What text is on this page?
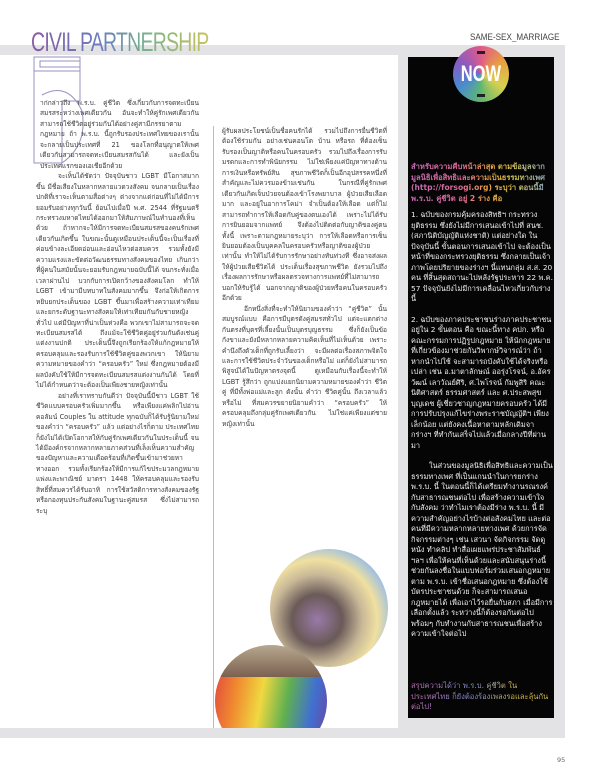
CIVIL PARTNERSHIP	SAME-SEX_MARRIAGE

าก่กล่าวถึง พ.ร.บ. คู่ชีวิต ซึ่งเกี่ยวกับการจดทะเบียนสมรสระหว่างเพศเดียวกัน อันจะทำให้คู่รักเพศเดียวกันสามารถใช้ชีวิตอยู่ร่วมกันได้อย่างคู่สามีภรรยาตามกฎหมาย ถ้า พ.ร.บ. นี้ถูกรับรองประเทศไทยของเรานั้นจะกลายเป็นประเทศที่ 21 ของโลกที่อนุญาตให้เพศเดียวกันสามารถจดทะเบียนสมรสกันได้ และยังเป็นประเทศแรกของเอเชียอีกด้วย

จะเห็นได้ชัดว่า ปัจจุบันชาว LGBT มีโอกาสมากขึ้น มีชื่อเสียงในหลากหลายแวดวงสังคม จนกลายเป็นเรื่องปกติที่เราจะเห็นตามสื่อต่างๆ ต่างจากแต่ก่อนที่ไม่ได้มีการยอมรับอย่างทุกวันนี้ ย้อนไปเมื่อปี พ.ศ. 2544 ที่รัฐมนตรีกระทรวงมหาดไทยได้ออกมาให้สัมภาษณ์ในทำนองที่เห็นด้วย ถ้าหากจะให้มีการจดทะเบียนสมรสของคนรักเพศเดียวกันเกิดขึ้น ในขณะนั้นดูเหมือนประเด็นนี้จะเป็นเรื่องที่ค่อนข้างละเอียดอ่อนและอ่อนไหวต่อสมควร รวมทั้งยังมีความแรงและขัดต่อวัฒนธรรมทางสังคมของไทย เกินกว่าที่ผู้คนในสมัยนั้นจะยอมรับกฎหมายฉบับนี้ได้ จนกระทั่งเมื่อเวลาผ่านไป บวกกับการเปิดกว้างของสังคมโลก ทำให้ LGBT เข้ามามีบทบาทในสังคมมากขึ้น จึงก่อให้เกิดการหยิบยกประเด็นของ LGBT ขึ้นมาเพื่อสร้างความเท่าเทียม และยกระดับฐานะทางสังคมให้เท่าเทียมกันกับชายหญิงทั่วไป แต่มีปัญหาที่น่าเป็นห่วงคือ พวกเขาไม่สามารถจะจดทะเบียนสมรสได้ ถึงแม้จะใช้ชีวิตคู่อยู่ร่วมกันดังเช่นคู่แต่งงานปกติ ประเด็นนี้จึงถูกเรียกร้องให้แก้กฎหมายให้ครอบคลุมและรองรับการใช้ชีวิตคู่ของพวกเขา ให้นิยามความหมายของคำว่า “ครอบครัว” ใหม่ ซึ่งกฎหมายต้องมีผลบังคับใช้ให้มีการจดทะเบียนสมรสแต่งงานกันได้ โดยที่ไม่ได้กำหนดว่าจะต้องเป็นเพียงชายหญิงเท่านั้น

อย่างที่เราทราบกันดีว่า ปัจจุบันนี้มีชาว LGBT ใช้ชีวิตแบบครอบครัวเพิ่มมากขึ้น หรือเพียงแค่พลิกไปอ่านคอลัมน์ Couples ใน attitude ทุกฉบับก็ได้รับรู้นิยามใหม่ของคำว่า “ครอบครัว” แล้ว แต่อย่างไรก็ตาม ประเทศไทยก็ยังไม่ได้เปิดโอกาสให้กับคู่รักเพศเดียวกันในประเด็นนี้ จนได้มีองค์กรจากหลากหลายภาคส่วนที่เล็งเห็นความสำคัญของปัญหาและความเดือดร้อนที่เกิดขึ้นเข้ามาช่วยหาทางออก รวมทั้งเรียกร้องให้มีการแก้ไขประมวลกฎหมายแพ่งและพาณิชย์ มาตรา 1448 ให้ครอบคลุมและรองรับสิทธิ์ที่สมควรได้รับอาทิ การใช้สวัสดิการทางสังคมของรัฐหรือกองทุนประกันสังคมในฐานะคู่สมรส ซึ่งไม่สามารถระบุ

ผู้รับผลประโยชน์เป็นชื่อคนรักได้ รวมไปถึงการยื่นชีวิตที่ต้องใช้ร่วมกัน อย่างเช่นคอนโด บ้าน หรือรถ ที่ต้องเซ็นรับรองเป็นญาติหรือคนในครอบครัว รวมไปถึงเรื่องการรับมรดกและการทำพินัยกรรม ไม่ใช่เพียงแค่ปัญหาทางด้านการเงินหรือทรัพย์สิน สุขภาพชีวิตก็เป็นอีกอุปสรรคหนึ่งที่สำคัญและไม่ควรมองข้ามเช่นกัน ในกรณีที่คู่รักเพศเดียวกันเกิดเจ็บป่วยจนต้องเข้าโรงพยาบาล ผู้ป่วยเสียเลือดมาก และอยู่ในอาการโคม่า จำเป็นต้องให้เลือด แต่ก็ไม่สามารถทำการให้เลือดกับคู่ของตนเองได้ เพราะไม่ได้รับการยินยอมจากแพทย์ จึงต้องไปติดต่อกับญาติของคู่ตน ทั้งนี้ เพราะตามกฎหมายระบุว่า การให้เลือดหรือการเซ็นยินยอมต้องเป็นบุคคลในครอบครัวหรือญาติของผู้ป่วยเท่านั้น ทำให้ไม่ได้รับการรักษาอย่างทันท่วงที ซึ่งอาจส่งผลให้ผู้ป่วยเสียชีวิตได้ ประเด็นเรื่องสุขภาพชีวิต ยังรวมไปถึงเรื่องผลการรักษาหรือผลตรวจทางการแพทย์ที่ไม่สามารถบอกให้รับรู้ได้ นอกจากญาติของผู้ป่วยหรือคนในครอบครัวอีกด้วย

อีกหนึ่งสิ่งที่จะทำให้นิยามของคำว่า “คู่ชีวิต” นั้นสมบูรณ์แบบ คือการมีบุตรดังคู่สมรสทั่วไป แต่จะแตกต่างกันตรงที่บุตรที่เลี้ยงนั้นเป็นบุตรบุญธรรม ซึ่งก็ยังเป็นข้อกังขาและยังมีหลากหลายความคิดเห็นที่ไม่เห็นด้วย เพราะคำนึงถึงตัวเด็กที่ถูกรับเลี้ยงว่า จะมีผลต่อเรื่องสภาพจิตใจและการใช้ชีวิตประจำวันของเด็กหรือไม่ แต่ก็ยังไม่สามารถพิสูจน์ได้ในปัญหาตรงจุดนี้ ดูเหมือนกับเรื่องนี้จะทำให้ LGBT รู้สึกว่า ถูกแบ่งแยกนิยามความหมายของคำว่า ชีวิตคู่ ที่มีทั้งพ่อแม่และลูก ดังนั้น คำว่า ชีวิตคู่นั้น ถึงเวลาแล้วหรือไม่ ที่สมควรขยายนิยามคำว่า “ครอบครัว” ให้ครอบคลุมถึงกลุ่มคู่รักเพศเดียวกัน ไม่ใช่แค่เพียงแต่ชายหญิงเท่านั้น

NOW
สำหรับความคืบหน้าล่าสุด ตามข้อมูลจากมูลนิธิเพื่อสิทธิและความเป็นธรรมทางเพศ (http://forsogi.org) ระบุว่า ตอนนี้มี พ.ร.บ. คู่ชีวิต อยู่ 2 ร่าง คือ

1. ฉบับของกรมคุ้มครองสิทธิฯ กระทรวงยุติธรรม ซึ่งยังไม่มีการเสนอเข้าไปที่ สนช. (สภานิติบัญญัติแห่งชาติ) แต่อย่างใด ในปัจจุบันนี้ ขั้นตอนการเสนอเข้าไป จะต้องเป็นหน้าที่ของกระทรวงยุติธรรม ซึ่งกลายเป็นเจ้าภาพโดยปริยายของร่างฯ นี้แทนกลุ่ม ส.ส. 20 คน ที่สิ้นสุดสถานะไปหลังรัฐประหาร 22 พ.ค. 57 ปัจจุบันยังไม่มีการเคลื่อนไหวเกี่ยวกับร่างนี้

2. ฉบับของภาคประชาชนร่างภาคประชาชนอยู่ใน 2 ขั้นตอน คือ ขณะนี้ทาง คปก. หรือคณะกรรมการปฏิรูปกฎหมาย ให้นักกฎหมายที่เกี่ยวข้องมาช่วยกันวิพากษ์วิจารณ์ว่า ถ้าหากนำไปใช้ จะสามารถบังคับใช้ได้จริงหรือเปล่า เช่น อ.มาตาลักษณ์ ออรุ่งโรจน์, อ.อัครวัฒน์ เลาวัณย์ศิริ, ศ.ไพโรจน์ กัมพูสิริ คณะนิติศาสตร์ ธรรมศาสตร์ และ ศ.ประสพสุข บุญเดช ผู้เชี่ยวชาญกฎหมายครอบครัว ได้มีการปรับปรุงแก้ไขร่างพระราชบัญญัติฯ เพียงเล็กน้อย แต่ยังคงเนื้อหาตามหลักเดิมจากร่างฯ ที่ทำกันเสร็จไปแล้วเมื่อกลางปีที่ผ่านมา

ในส่วนของมูลนิธิเพื่อสิทธิและความเป็นธรรมทางเพศ ที่เป็นแกนนำในการยกร่าง พ.ร.บ. นี้ ในตอนนี้ก็ได้เตรียมทำงานรณรงค์กับสาธารณชนต่อไป เพื่อสร้างความเข้าใจกับสังคม ว่าทำไมเราต้องมีร่าง พ.ร.บ. นี้ มีความสำคัญอย่างไรบ้างต่อสังคมไทย และต่อคนที่มีความหลากหลายทางเพศ ด้วยการจัดกิจกรรมต่างๆ เช่น เสวนา จัดกิจกรรม จัดดูหนัง ทำคลิป ทำสื่อเผยแพร่ประชาสัมพันธ์ ฯลฯ เพื่อให้คนที่เห็นด้วยและสนับสนุนร่างนี้ช่วยกันลงชื่อในแบบฟอร์มร่วมเสนอกฎหมาย ตาม พ.ร.บ. เข้าชื่อเสนอกฎหมาย ซึ่งต้องใช้บัตรประชาชนด้วย ก็จะสามารถเสนอกฎหมายได้ เพื่อเอาไว้รอยื่นกับสภา เมื่อมีการเลือกตั้งแล้ว ระหว่างนี้ก็ต้องรอกันต่อไป พร้อมๆ กับทำงานกับสาธารณชนเพื่อสร้างความเข้าใจต่อไป

สรุปความได้ว่า พ.ร.บ. คู่ชีวิต ในประเทศไทย ก็ยังต้องร้องเพลงรอและลุ้นกันต่อไป!
95
